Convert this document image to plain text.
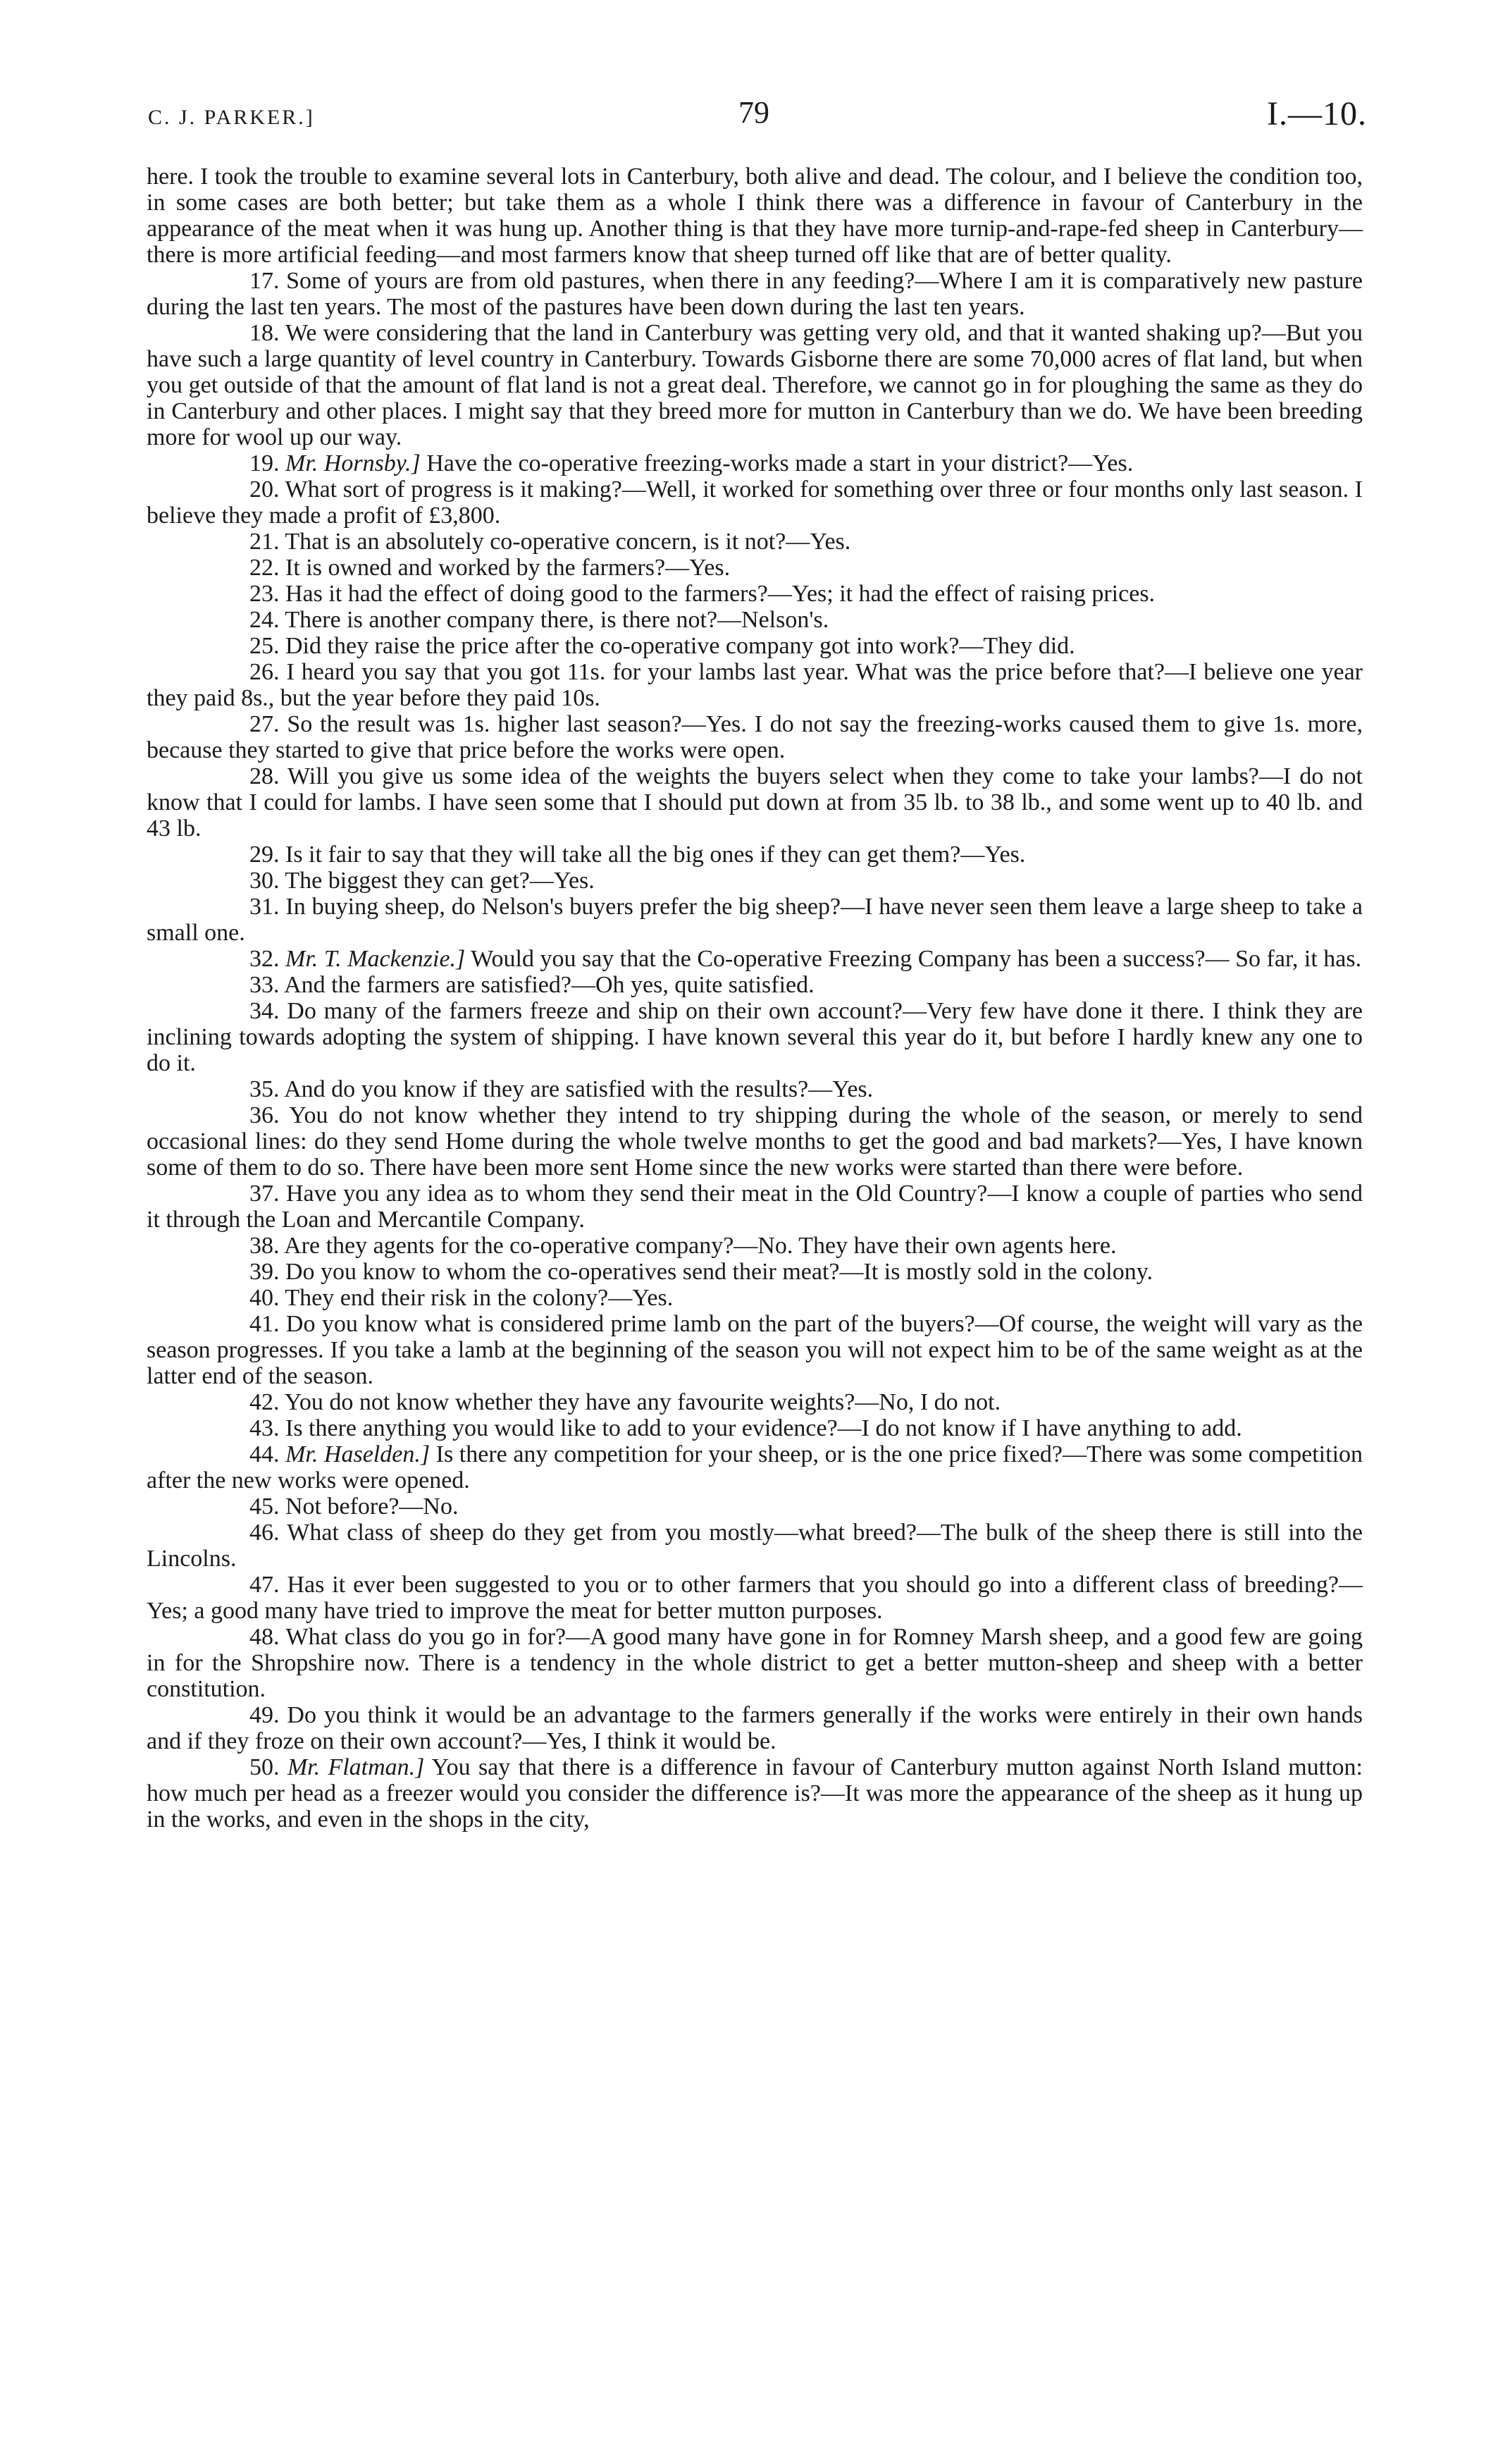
C. J. PARKER.]	79	I.—10.

here. I took the trouble to examine several lots in Canterbury, both alive and dead. The colour, and I believe the condition too, in some cases are both better; but take them as a whole I think there was a difference in favour of Canterbury in the appearance of the meat when it was hung up. Another thing is that they have more turnip-and-rape-fed sheep in Canterbury—there is more artificial feeding—and most farmers know that sheep turned off like that are of better quality.

17. Some of yours are from old pastures, when there in any feeding?—Where I am it is comparatively new pasture during the last ten years. The most of the pastures have been down during the last ten years.

18. We were considering that the land in Canterbury was getting very old, and that it wanted shaking up?—But you have such a large quantity of level country in Canterbury. Towards Gisborne there are some 70,000 acres of flat land, but when you get outside of that the amount of flat land is not a great deal. Therefore, we cannot go in for ploughing the same as they do in Canterbury and other places. I might say that they breed more for mutton in Canterbury than we do. We have been breeding more for wool up our way.

19. Mr. Hornsby.] Have the co-operative freezing-works made a start in your district?—Yes.

20. What sort of progress is it making?—Well, it worked for something over three or four months only last season. I believe they made a profit of £3,800.

21. That is an absolutely co-operative concern, is it not?—Yes.

22. It is owned and worked by the farmers?—Yes.

23. Has it had the effect of doing good to the farmers?—Yes; it had the effect of raising prices.

24. There is another company there, is there not?—Nelson's.

25. Did they raise the price after the co-operative company got into work?—They did.

26. I heard you say that you got 11s. for your lambs last year. What was the price before that?—I believe one year they paid 8s., but the year before they paid 10s.

27. So the result was 1s. higher last season?—Yes. I do not say the freezing-works caused them to give 1s. more, because they started to give that price before the works were open.

28. Will you give us some idea of the weights the buyers select when they come to take your lambs?—I do not know that I could for lambs. I have seen some that I should put down at from 35 lb. to 38 lb., and some went up to 40 lb. and 43 lb.

29. Is it fair to say that they will take all the big ones if they can get them?—Yes.

30. The biggest they can get?—Yes.

31. In buying sheep, do Nelson's buyers prefer the big sheep?—I have never seen them leave a large sheep to take a small one.

32. Mr. T. Mackenzie.] Would you say that the Co-operative Freezing Company has been a success?— So far, it has.

33. And the farmers are satisfied?—Oh yes, quite satisfied.

34. Do many of the farmers freeze and ship on their own account?—Very few have done it there. I think they are inclining towards adopting the system of shipping. I have known several this year do it, but before I hardly knew any one to do it.

35. And do you know if they are satisfied with the results?—Yes.

36. You do not know whether they intend to try shipping during the whole of the season, or merely to send occasional lines: do they send Home during the whole twelve months to get the good and bad markets?—Yes, I have known some of them to do so. There have been more sent Home since the new works were started than there were before.

37. Have you any idea as to whom they send their meat in the Old Country?—I know a couple of parties who send it through the Loan and Mercantile Company.

38. Are they agents for the co-operative company?—No. They have their own agents here.

39. Do you know to whom the co-operatives send their meat?—It is mostly sold in the colony.

40. They end their risk in the colony?—Yes.

41. Do you know what is considered prime lamb on the part of the buyers?—Of course, the weight will vary as the season progresses. If you take a lamb at the beginning of the season you will not expect him to be of the same weight as at the latter end of the season.

42. You do not know whether they have any favourite weights?—No, I do not.

43. Is there anything you would like to add to your evidence?—I do not know if I have anything to add.

44. Mr. Haselden.] Is there any competition for your sheep, or is the one price fixed?—There was some competition after the new works were opened.

45. Not before?—No.

46. What class of sheep do they get from you mostly—what breed?—The bulk of the sheep there is still into the Lincolns.

47. Has it ever been suggested to you or to other farmers that you should go into a different class of breeding?—Yes; a good many have tried to improve the meat for better mutton purposes.

48. What class do you go in for?—A good many have gone in for Romney Marsh sheep, and a good few are going in for the Shropshire now. There is a tendency in the whole district to get a better mutton-sheep and sheep with a better constitution.

49. Do you think it would be an advantage to the farmers generally if the works were entirely in their own hands and if they froze on their own account?—Yes, I think it would be.

50. Mr. Flatman.] You say that there is a difference in favour of Canterbury mutton against North Island mutton: how much per head as a freezer would you consider the difference is?—It was more the appearance of the sheep as it hung up in the works, and even in the shops in the city,
